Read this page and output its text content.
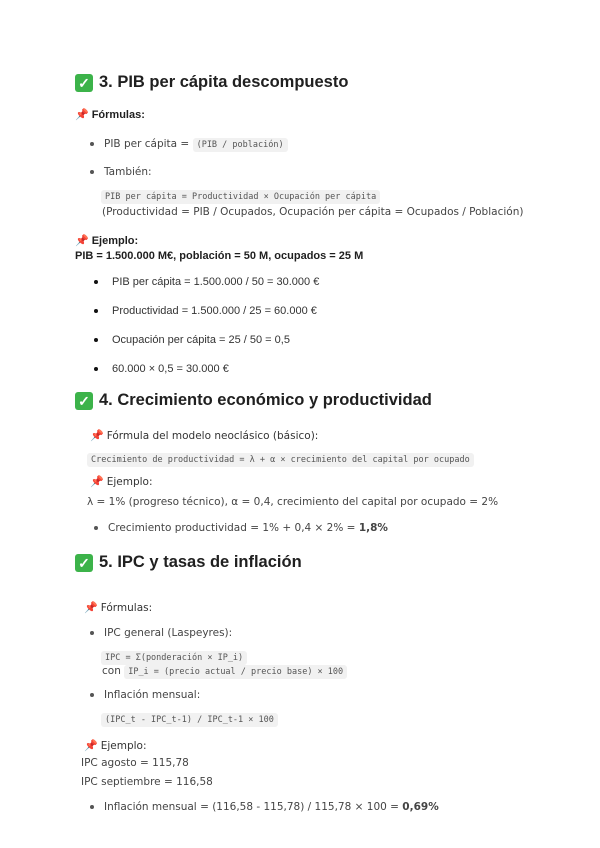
✓ 3. PIB per cápita descompuesto
📌 Fórmulas:
PIB per cápita = (PIB / población)
También:
PIB per cápita = Productividad × Ocupación per cápita
(Productividad = PIB / Ocupados, Ocupación per cápita = Ocupados / Población)
📌 Ejemplo:
PIB = 1.500.000 M€, población = 50 M, ocupados = 25 M
PIB per cápita = 1.500.000 / 50 = 30.000 €
Productividad = 1.500.000 / 25 = 60.000 €
Ocupación per cápita = 25 / 50 = 0,5
60.000 × 0,5 = 30.000 €
✓ 4. Crecimiento económico y productividad
📌 Fórmula del modelo neoclásico (básico):
Crecimiento de productividad = λ + α × crecimiento del capital por ocupado
📌 Ejemplo:
λ = 1% (progreso técnico), α = 0,4, crecimiento del capital por ocupado = 2%
Crecimiento productividad = 1% + 0,4 × 2% = 1,8%
✓ 5. IPC y tasas de inflación
📌 Fórmulas:
IPC general (Laspeyres):
IPC = Σ(ponderación × IP_i)
con IP_i = (precio actual / precio base) × 100
Inflación mensual:
(IPC_t - IPC_t-1) / IPC_t-1 × 100
📌 Ejemplo:
IPC agosto = 115,78
IPC septiembre = 116,58
Inflación mensual = (116,58 - 115,78) / 115,78 × 100 = 0,69%
